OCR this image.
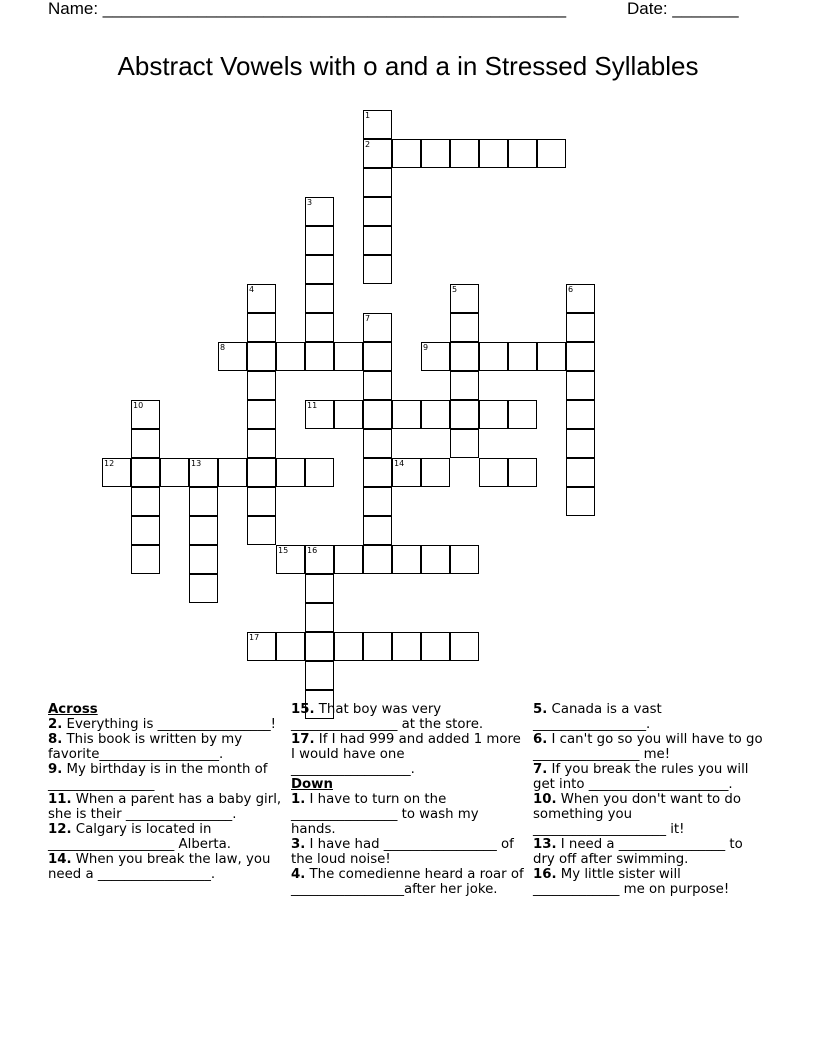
Name: _________________________________________________	Date: _______
Abstract Vowels with o and a in Stressed Syllables
1
2
3
4	5	6
7
8	9
10	11
12	13	14
15 16
17

Across

2. Everything is _________________!

8. This book is written by my favorite__________________.

9. My birthday is in the month of ________________

11. When a parent has a baby girl, she is their ________________.

12. Calgary is located in ___________________ Alberta.

14. When you break the law, you need a _________________.

15. That boy was very ________________ at the store.

17. If I had 999 and added 1 more I would have one __________________.

Down

1. I have to turn on the ________________ to wash my hands.

3. I have had _________________ of the loud noise!

4. The comedienne heard a roar of _________________after her joke.

5. Canada is a vast _________________.

6. I can't go so you will have to go ________________ me!

7. If you break the rules you will get into _____________________.

10. When you don't want to do something you ____________________ it!

13. I need a ________________ to dry off after swimming.

16. My little sister will _____________ me on purpose!
